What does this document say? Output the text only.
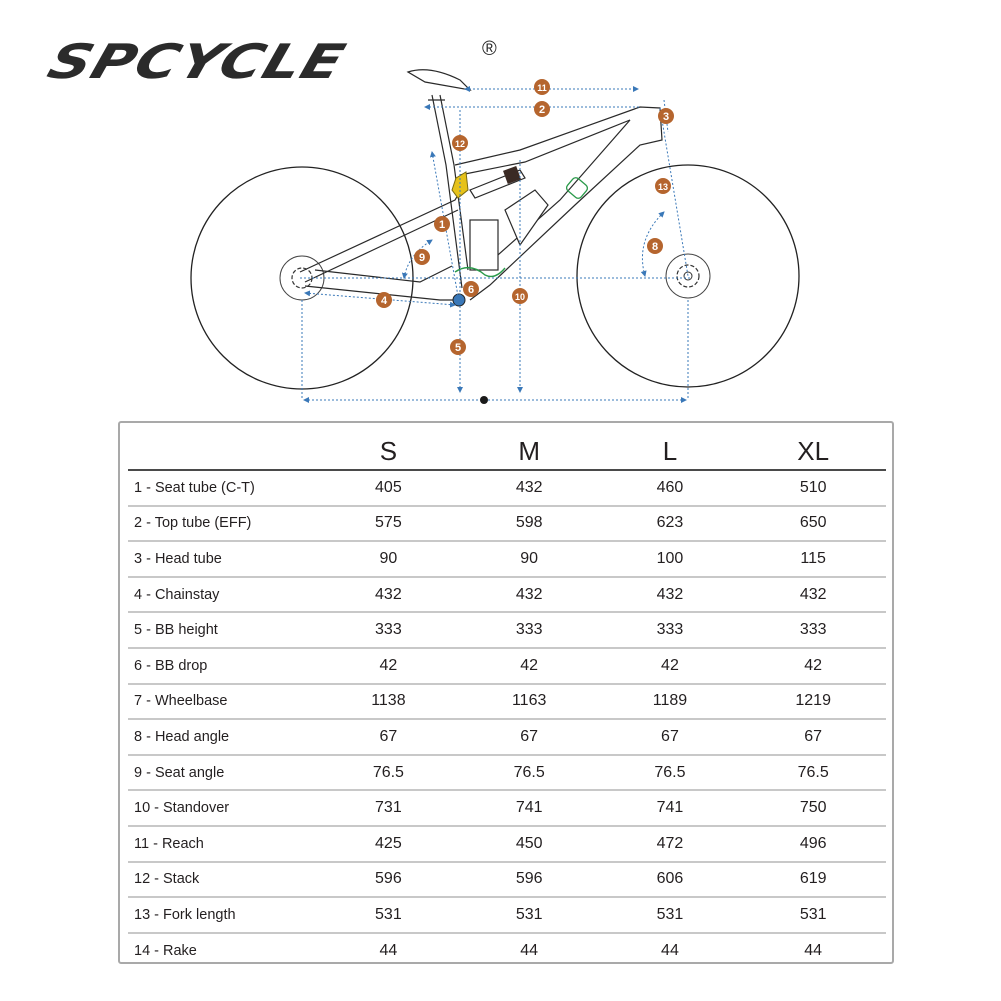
SPCYCLE	®
1
2
3
4
5
6
8
9
10
11
12
13
	S	M	L	XL
1 - Seat tube (C-T)	405	432	460	510
2 - Top tube (EFF)	575	598	623	650
3 - Head tube	90	90	100	115
4 - Chainstay	432	432	432	432
5 - BB height	333	333	333	333
6 - BB drop	42	42	42	42
7 - Wheelbase	1138	1163	1189	1219
8 - Head angle	67	67	67	67
9 - Seat angle	76.5	76.5	76.5	76.5
10 - Standover	731	741	741	750
11 - Reach	425	450	472	496
12 - Stack	596	596	606	619
13 - Fork length	531	531	531	531
14 - Rake	44	44	44	44
